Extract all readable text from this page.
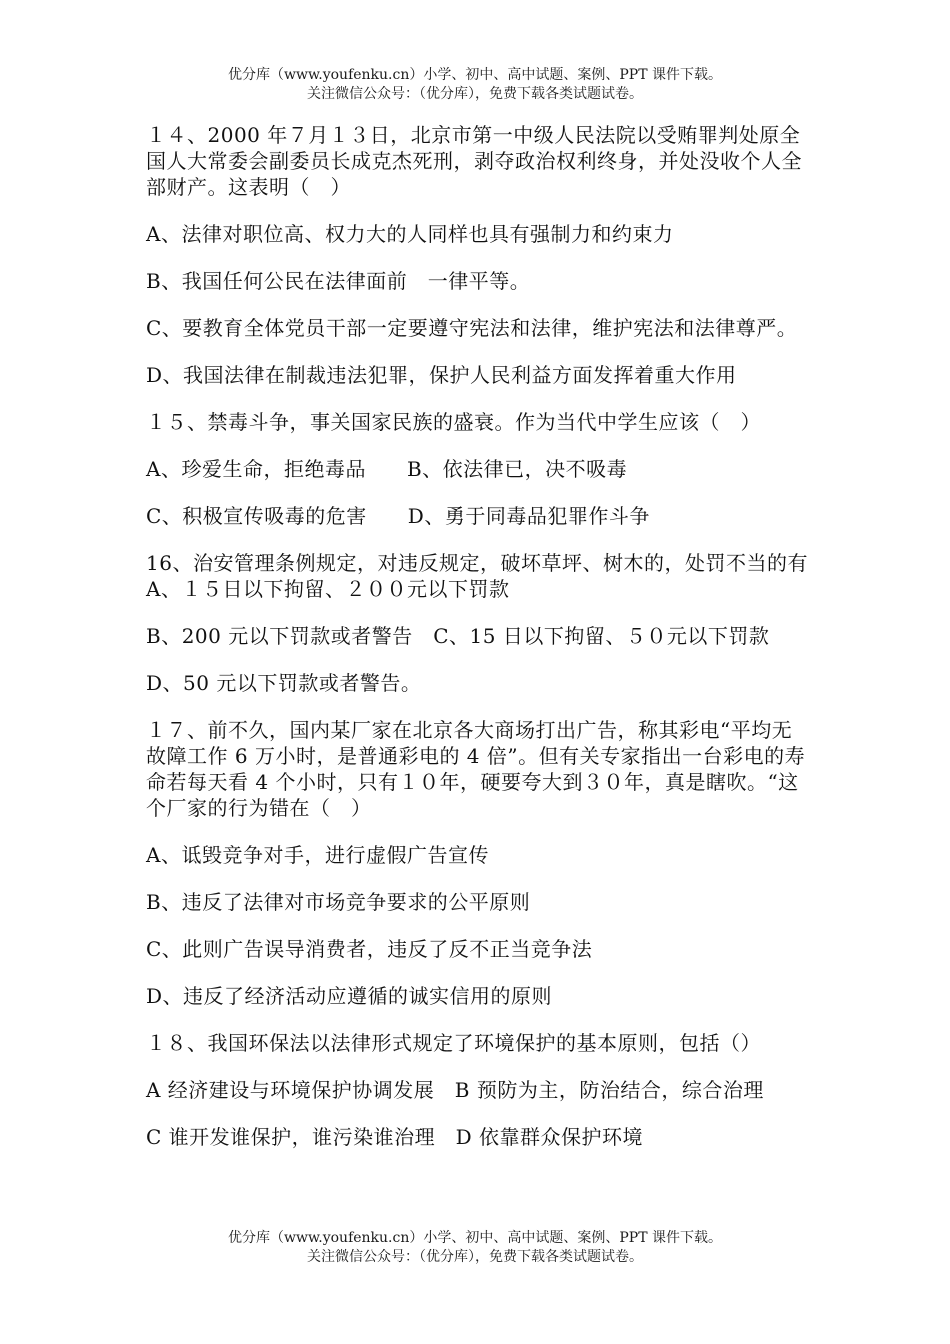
优分库（www.youfenku.cn）小学、初中、高中试题、案例、PPT 课件下载。
关注微信公众号：（优分库），免费下载各类试题试卷。

１４、2000 年７月１３日，北京市第一中级人民法院以受贿罪判处原全国人大常委会副委员长成克杰死刑，剥夺政治权利终身，并处没收个人全部财产。这表明（　）

A、法律对职位高、权力大的人同样也具有强制力和约束力

B、我国任何公民在法律面前　一律平等。

C、要教育全体党员干部一定要遵守宪法和法律，维护宪法和法律尊严。

D、我国法律在制裁违法犯罪，保护人民利益方面发挥着重大作用

１５、禁毒斗争，事关国家民族的盛衰。作为当代中学生应该（　）

A、珍爱生命，拒绝毒品　　B、依法律已，决不吸毒

C、积极宣传吸毒的危害　　D、勇于同毒品犯罪作斗争

16、治安管理条例规定，对违反规定，破坏草坪、树木的，处罚不当的有　A、１５日以下拘留、２００元以下罚款

B、200 元以下罚款或者警告　C、15 日以下拘留、５０元以下罚款

D、50 元以下罚款或者警告。

１７、前不久，国内某厂家在北京各大商场打出广告，称其彩电“平均无故障工作 6 万小时，是普通彩电的 4 倍”。但有关专家指出一台彩电的寿命若每天看 4 个小时，只有１０年，硬要夸大到３０年，真是瞎吹。“这个厂家的行为错在（　）

A、诋毁竞争对手，进行虚假广告宣传

B、违反了法律对市场竞争要求的公平原则

C、此则广告误导消费者，违反了反不正当竞争法

D、违反了经济活动应遵循的诚实信用的原则

１８、我国环保法以法律形式规定了环境保护的基本原则，包括（）

A 经济建设与环境保护协调发展　B 预防为主，防治结合，综合治理

C 谁开发谁保护，谁污染谁治理　D 依靠群众保护环境

优分库（www.youfenku.cn）小学、初中、高中试题、案例、PPT 课件下载。
关注微信公众号：（优分库），免费下载各类试题试卷。
